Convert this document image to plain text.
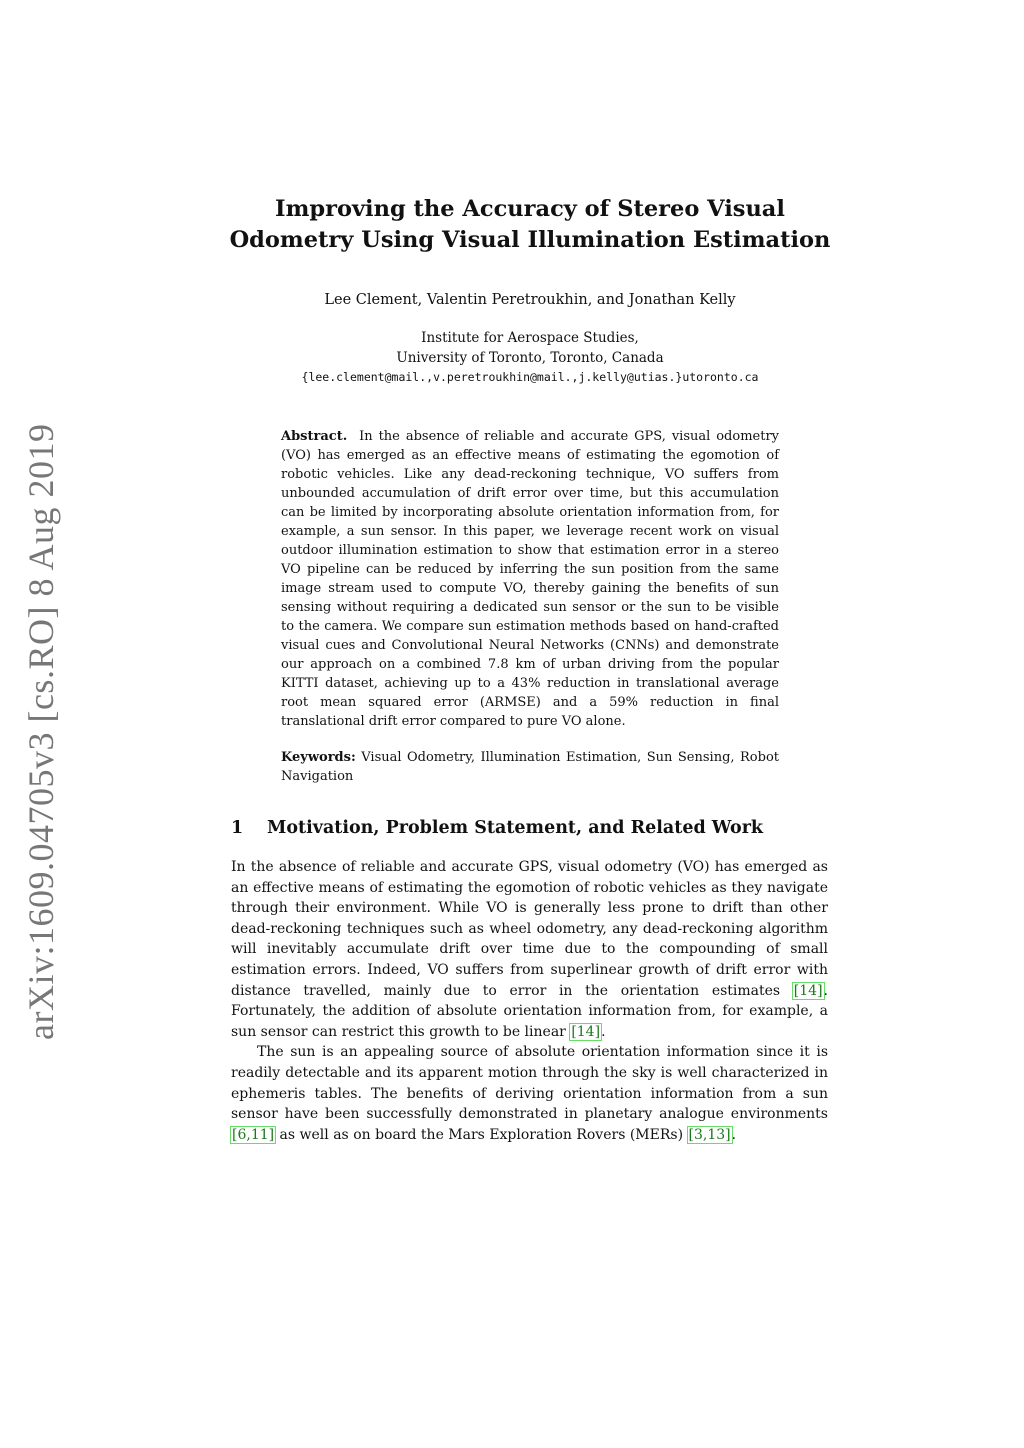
arXiv:1609.04705v3 [cs.RO] 8 Aug 2019
Improving the Accuracy of Stereo Visual
Odometry Using Visual Illumination Estimation
Lee Clement, Valentin Peretroukhin, and Jonathan Kelly
Institute for Aerospace Studies,
University of Toronto, Toronto, Canada
{lee.clement@mail.,v.peretroukhin@mail.,j.kelly@utias.}utoronto.ca
Abstract. In the absence of reliable and accurate GPS, visual odometry (VO) has emerged as an effective means of estimating the egomotion of robotic vehicles. Like any dead-reckoning technique, VO suffers from unbounded accumulation of drift error over time, but this accumulation can be limited by incorporating absolute orientation information from, for example, a sun sensor. In this paper, we leverage recent work on visual outdoor illumination estimation to show that estimation error in a stereo VO pipeline can be reduced by inferring the sun position from the same image stream used to compute VO, thereby gaining the benefits of sun sensing without requiring a dedicated sun sensor or the sun to be visible to the camera. We compare sun estimation methods based on hand-crafted visual cues and Convolutional Neural Networks (CNNs) and demonstrate our approach on a combined 7.8 km of urban driving from the popular KITTI dataset, achieving up to a 43% reduction in translational average root mean squared error (ARMSE) and a 59% reduction in final translational drift error compared to pure VO alone.
Keywords: Visual Odometry, Illumination Estimation, Sun Sensing, Robot Navigation
1 Motivation, Problem Statement, and Related Work

In the absence of reliable and accurate GPS, visual odometry (VO) has emerged as an effective means of estimating the egomotion of robotic vehicles as they navigate through their environment. While VO is generally less prone to drift than other dead-reckoning techniques such as wheel odometry, any dead-reckoning algorithm will inevitably accumulate drift over time due to the compounding of small estimation errors. Indeed, VO suffers from superlinear growth of drift error with distance travelled, mainly due to error in the orientation estimates [14]. Fortunately, the addition of absolute orientation information from, for example, a sun sensor can restrict this growth to be linear [14].

The sun is an appealing source of absolute orientation information since it is readily detectable and its apparent motion through the sky is well characterized in ephemeris tables. The benefits of deriving orientation information from a sun sensor have been successfully demonstrated in planetary analogue environments [6,11] as well as on board the Mars Exploration Rovers (MERs) [3,13].
